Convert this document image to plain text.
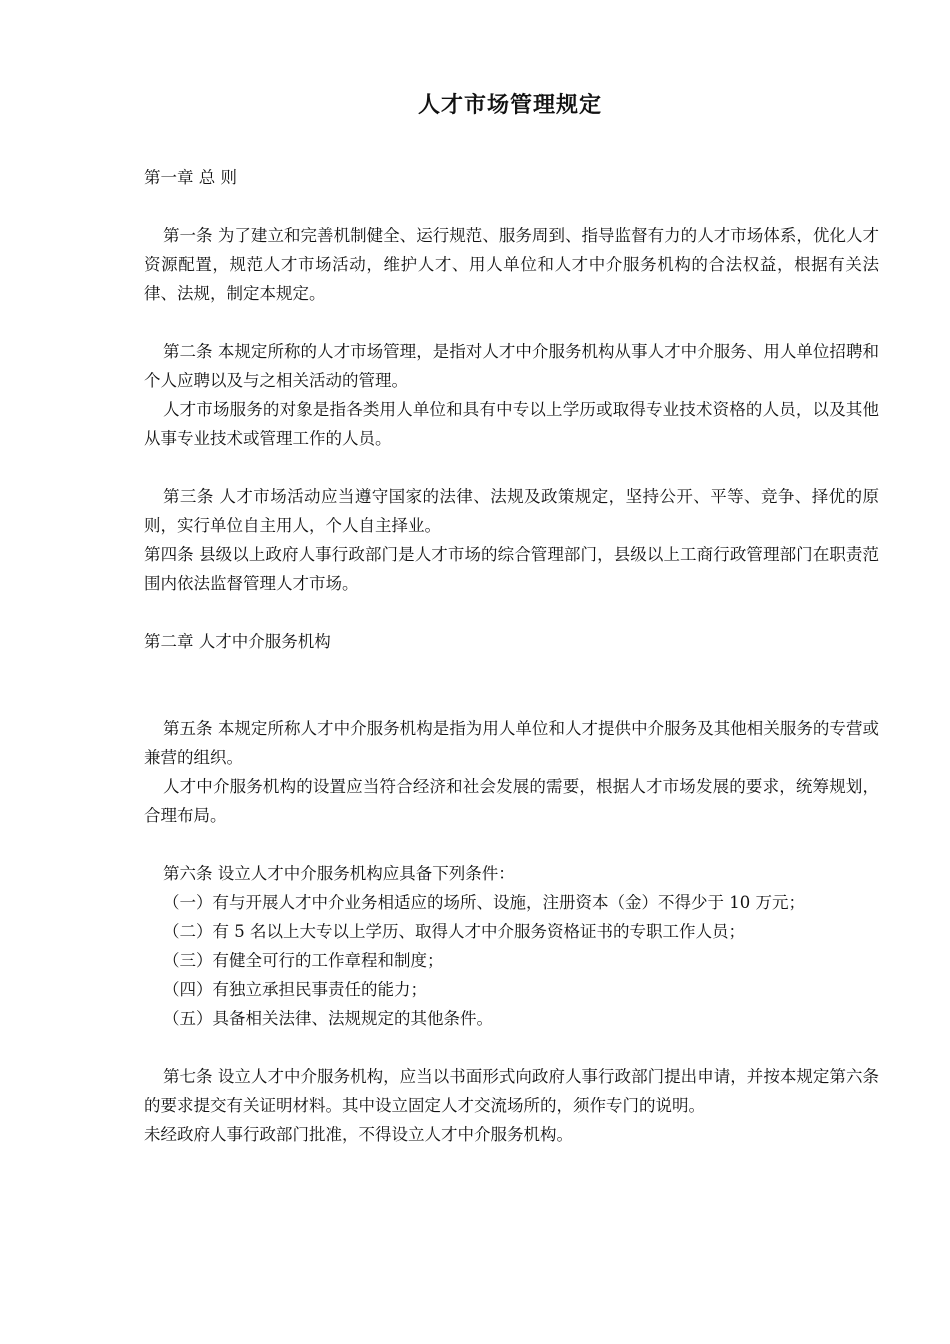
人才市场管理规定

第一章 总 则

第一条 为了建立和完善机制健全、运行规范、服务周到、指导监督有力的人才市场体系，优化人才资源配置，规范人才市场活动，维护人才、用人单位和人才中介服务机构的合法权益，根据有关法律、法规，制定本规定。

第二条 本规定所称的人才市场管理，是指对人才中介服务机构从事人才中介服务、用人单位招聘和个人应聘以及与之相关活动的管理。

人才市场服务的对象是指各类用人单位和具有中专以上学历或取得专业技术资格的人员，以及其他从事专业技术或管理工作的人员。

第三条 人才市场活动应当遵守国家的法律、法规及政策规定，坚持公开、平等、竞争、择优的原则，实行单位自主用人，个人自主择业。

第四条 县级以上政府人事行政部门是人才市场的综合管理部门，县级以上工商行政管理部门在职责范围内依法监督管理人才市场。

第二章 人才中介服务机构

第五条 本规定所称人才中介服务机构是指为用人单位和人才提供中介服务及其他相关服务的专营或兼营的组织。

人才中介服务机构的设置应当符合经济和社会发展的需要，根据人才市场发展的要求，统筹规划，合理布局。

第六条 设立人才中介服务机构应具备下列条件：

（一）有与开展人才中介业务相适应的场所、设施，注册资本（金）不得少于 10 万元；

（二）有 5 名以上大专以上学历、取得人才中介服务资格证书的专职工作人员；

（三）有健全可行的工作章程和制度；

（四）有独立承担民事责任的能力；

（五）具备相关法律、法规规定的其他条件。

第七条 设立人才中介服务机构，应当以书面形式向政府人事行政部门提出申请，并按本规定第六条的要求提交有关证明材料。其中设立固定人才交流场所的，须作专门的说明。

未经政府人事行政部门批准，不得设立人才中介服务机构。
